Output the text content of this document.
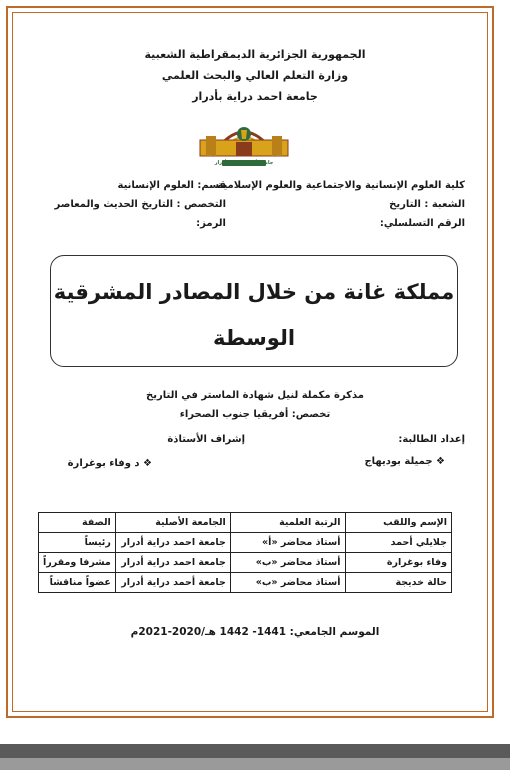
الجمهورية الجزائرية الديمقراطية الشعبية
وزارة التعلم العالي والبحث العلمي
جامعة احمد دراية بأدرار
جامعة أحمد دراية - أدرار
كلية العلوم الإنسانية والاجتماعية والعلوم الإسلامية
قسم: العلوم الإنسانية
الشعبة : التاريخ
التخصص : التاريخ الحديث والمعاصر
الرقم التسلسلي:
الرمز:
مملكة غانة من خلال المصادر المشرقية
الوسطة
مذكرة مكملة لنيل شهادة الماستر في التاريخ
تخصص: أفريقيا جنوب الصحراء
إعداد الطالبة:
إشراف الأستاذة
❖ جميلة بوديهاج
❖ د وفاء بوغرارة
الإسم واللقب	الرتبة العلمية	الجامعة الأصلية	الصفة
جلايلي أحمد	أستاذ محاضر «أ»	جامعة احمد دراية أدرار	رئيساً
وفاء بوغرارة	أستاذ محاضر «ب»	جامعة احمد دراية أدرار	مشرفا ومقرراً
حالة خديجة	أستاذ محاضر «ب»	جامعة أحمد دراية أدرار	عضواً مناقشاً
الموسم الجامعي: 1441- 1442 هـ/2020-2021م
